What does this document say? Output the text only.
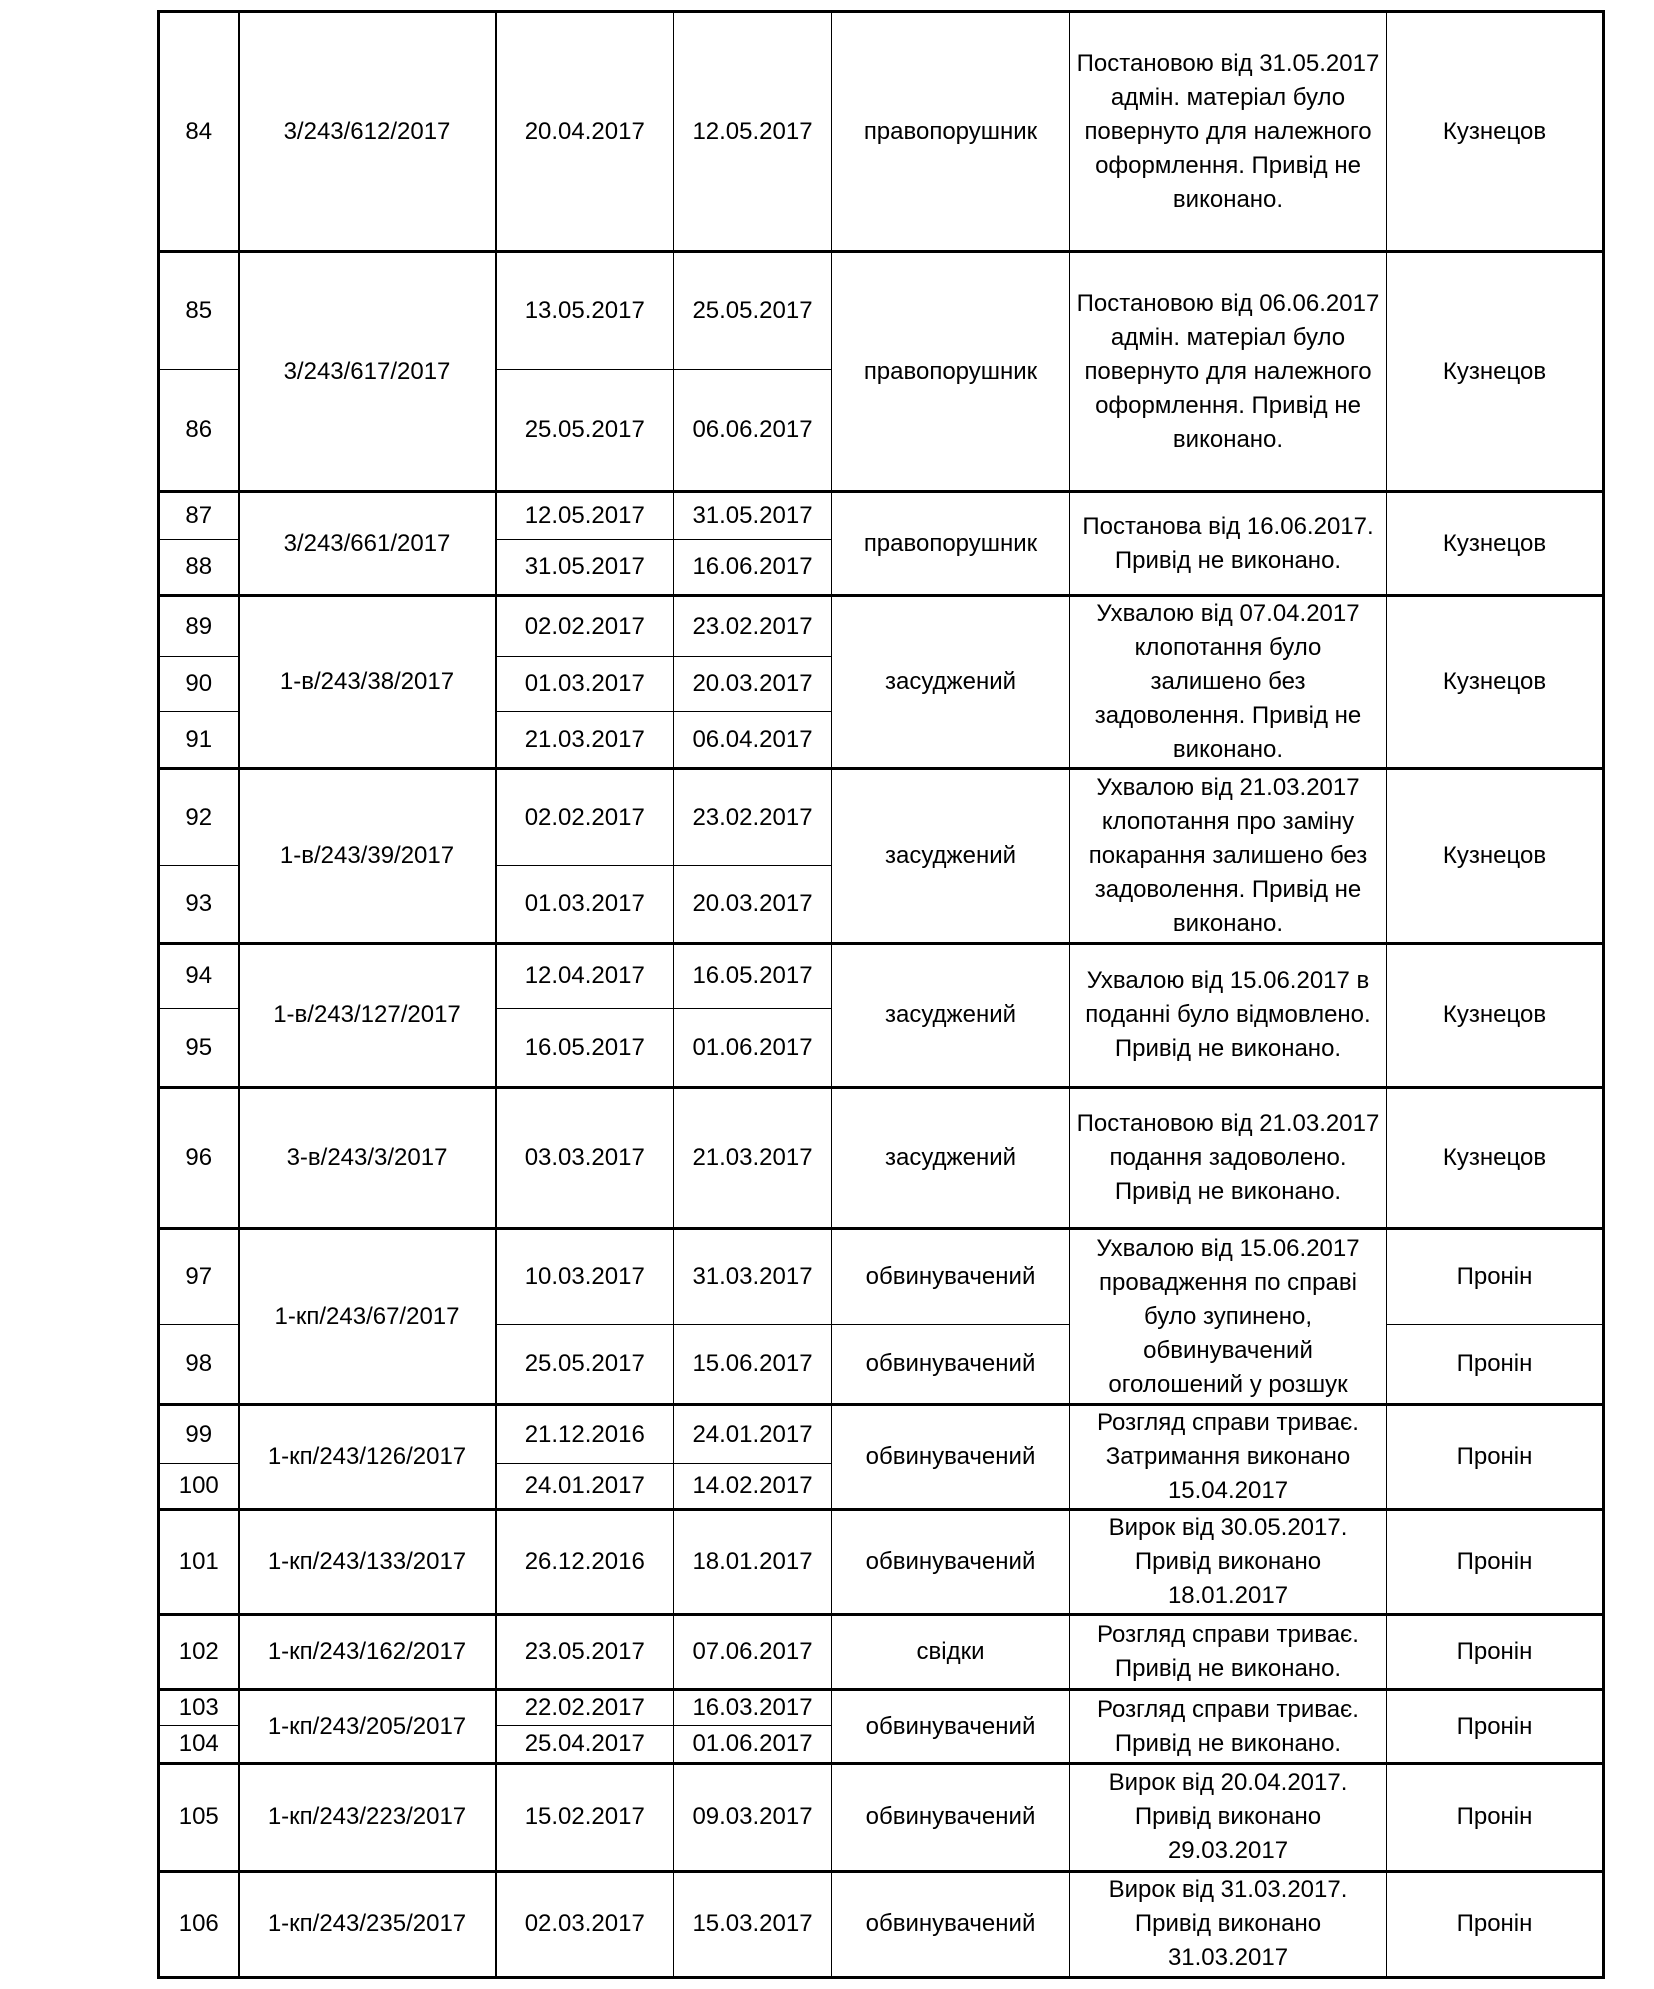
84	3/243/612/2017	20.04.2017	12.05.2017	правопорушник	Постановою від 31.05.2017 адмін. матеріал було повернуто для належного оформлення. Привід не виконано.	Кузнецов
85	3/243/617/2017	13.05.2017	25.05.2017	правопорушник	Постановою від 06.06.2017 адмін. матеріал було повернуто для належного оформлення. Привід не виконано.	Кузнецов
86		25.05.2017	06.06.2017			
87	3/243/661/2017	12.05.2017	31.05.2017	правопорушник	Постанова від 16.06.2017. Привід не виконано.	Кузнецов
88		31.05.2017	16.06.2017			
89	1-в/243/38/2017	02.02.2017	23.02.2017	засуджений	Ухвалою від 07.04.2017 клопотання було залишено без задоволення. Привід не виконано.	Кузнецов
90		01.03.2017	20.03.2017			
91		21.03.2017	06.04.2017			
92	1-в/243/39/2017	02.02.2017	23.02.2017	засуджений	Ухвалою від 21.03.2017 клопотання про заміну покарання залишено без задоволення. Привід не виконано.	Кузнецов
93		01.03.2017	20.03.2017			
94	1-в/243/127/2017	12.04.2017	16.05.2017	засуджений	Ухвалою від 15.06.2017 в поданні було відмовлено. Привід не виконано.	Кузнецов
95		16.05.2017	01.06.2017			
96	3-в/243/3/2017	03.03.2017	21.03.2017	засуджений	Постановою від 21.03.2017 подання задоволено. Привід не виконано.	Кузнецов
97	1-кп/243/67/2017	10.03.2017	31.03.2017	обвинувачений	Ухвалою від 15.06.2017 провадження по справі було зупинено, обвинувачений оголошений у розшук	Пронін
98		25.05.2017	15.06.2017	обвинувачений		Пронін
99	1-кп/243/126/2017	21.12.2016	24.01.2017	обвинувачений	Розгляд справи триває. Затримання виконано 15.04.2017	Пронін
100		24.01.2017	14.02.2017			
101	1-кп/243/133/2017	26.12.2016	18.01.2017	обвинувачений	Вирок від 30.05.2017. Привід виконано 18.01.2017	Пронін
102	1-кп/243/162/2017	23.05.2017	07.06.2017	свідки	Розгляд справи триває. Привід не виконано.	Пронін
103	1-кп/243/205/2017	22.02.2017	16.03.2017	обвинувачений	Розгляд справи триває. Привід не виконано.	Пронін
104		25.04.2017	01.06.2017			
105	1-кп/243/223/2017	15.02.2017	09.03.2017	обвинувачений	Вирок від 20.04.2017. Привід виконано 29.03.2017	Пронін
106	1-кп/243/235/2017	02.03.2017	15.03.2017	обвинувачений	Вирок від 31.03.2017. Привід виконано 31.03.2017	Пронін
